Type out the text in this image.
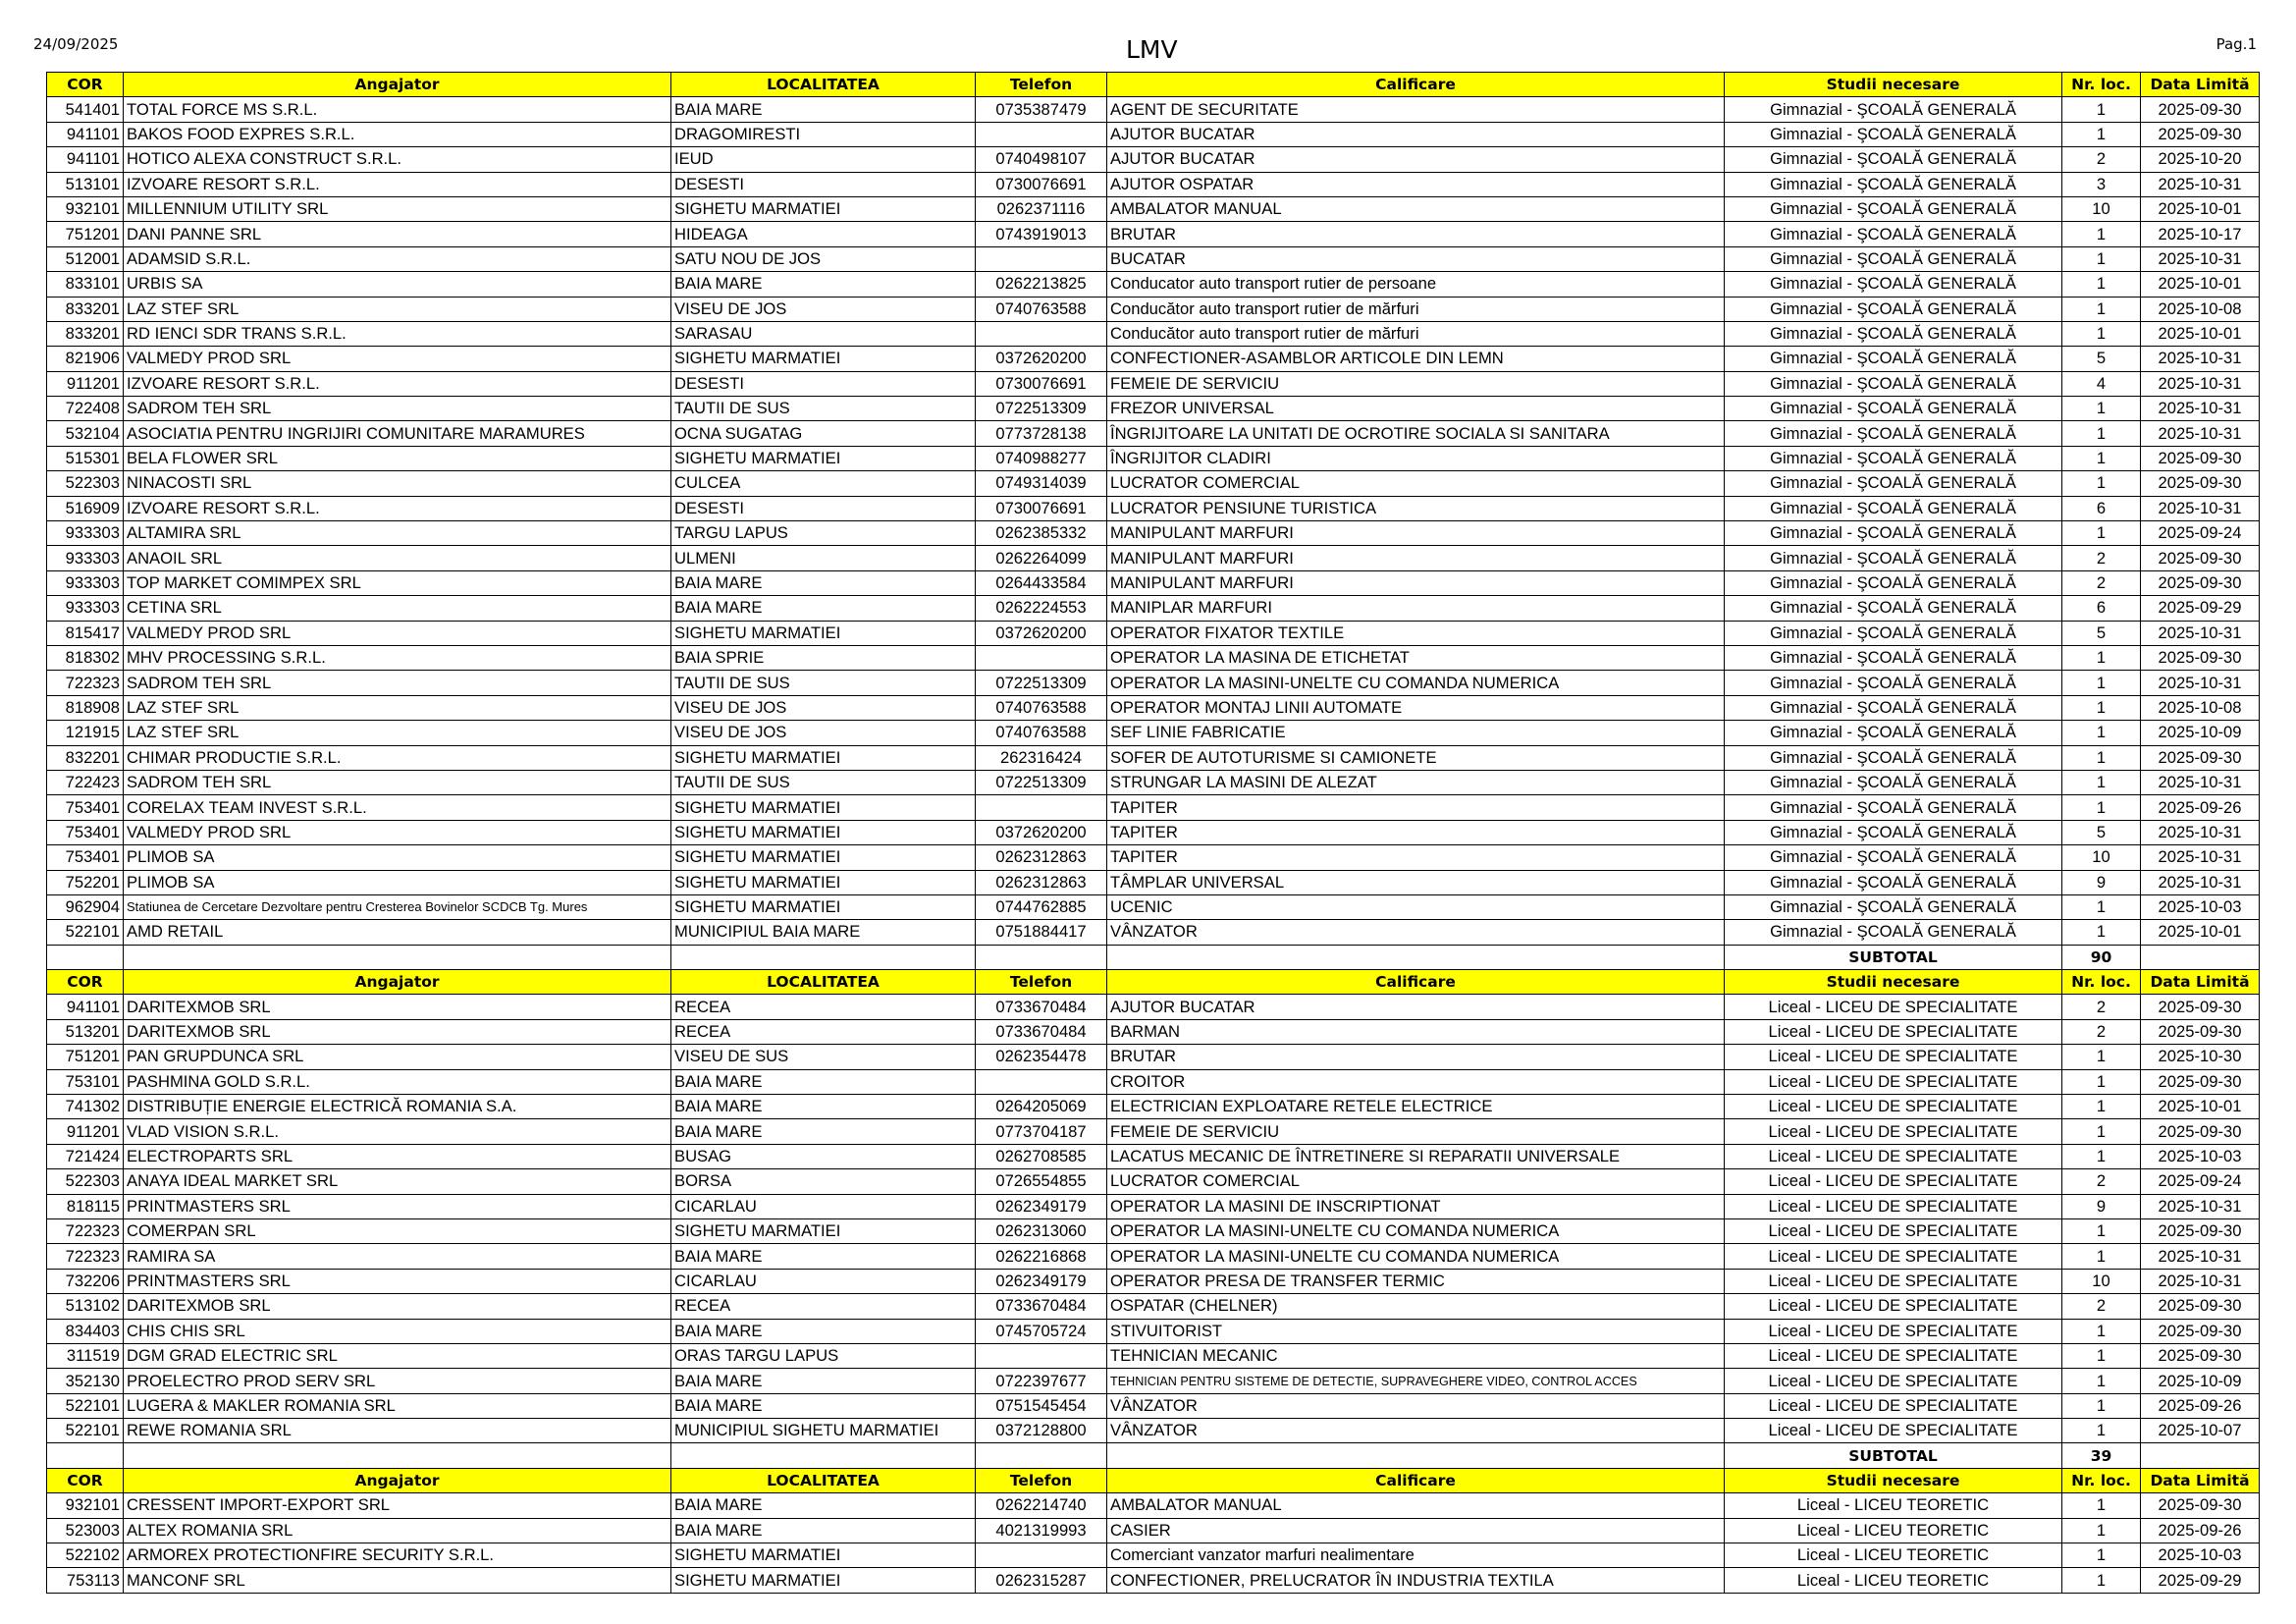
24/09/2025	LMV	Pag.1
COR	Angajator	LOCALITATEA	Telefon	Calificare	Studii necesare	Nr. loc.	Data Limită
541401	TOTAL FORCE MS S.R.L.	BAIA MARE	0735387479	AGENT DE SECURITATE	Gimnazial - ŞCOALĂ GENERALĂ	1	2025-09-30
941101	BAKOS FOOD EXPRES S.R.L.	DRAGOMIRESTI		AJUTOR BUCATAR	Gimnazial - ŞCOALĂ GENERALĂ	1	2025-09-30
941101	HOTICO ALEXA CONSTRUCT S.R.L.	IEUD	0740498107	AJUTOR BUCATAR	Gimnazial - ŞCOALĂ GENERALĂ	2	2025-10-20
513101	IZVOARE RESORT S.R.L.	DESESTI	0730076691	AJUTOR OSPATAR	Gimnazial - ŞCOALĂ GENERALĂ	3	2025-10-31
932101	MILLENNIUM UTILITY SRL	SIGHETU MARMATIEI	0262371116	AMBALATOR MANUAL	Gimnazial - ŞCOALĂ GENERALĂ	10	2025-10-01
751201	DANI PANNE SRL	HIDEAGA	0743919013	BRUTAR	Gimnazial - ŞCOALĂ GENERALĂ	1	2025-10-17
512001	ADAMSID S.R.L.	SATU NOU DE JOS		BUCATAR	Gimnazial - ŞCOALĂ GENERALĂ	1	2025-10-31
833101	URBIS SA	BAIA MARE	0262213825	Conducator auto transport rutier de persoane	Gimnazial - ŞCOALĂ GENERALĂ	1	2025-10-01
833201	LAZ STEF SRL	VISEU DE JOS	0740763588	Conducător auto transport rutier de mărfuri	Gimnazial - ŞCOALĂ GENERALĂ	1	2025-10-08
833201	RD IENCI SDR TRANS S.R.L.	SARASAU		Conducător auto transport rutier de mărfuri	Gimnazial - ŞCOALĂ GENERALĂ	1	2025-10-01
821906	VALMEDY PROD SRL	SIGHETU MARMATIEI	0372620200	CONFECTIONER-ASAMBLOR ARTICOLE DIN LEMN	Gimnazial - ŞCOALĂ GENERALĂ	5	2025-10-31
911201	IZVOARE RESORT S.R.L.	DESESTI	0730076691	FEMEIE DE SERVICIU	Gimnazial - ŞCOALĂ GENERALĂ	4	2025-10-31
722408	SADROM TEH SRL	TAUTII DE SUS	0722513309	FREZOR UNIVERSAL	Gimnazial - ŞCOALĂ GENERALĂ	1	2025-10-31
532104	ASOCIATIA PENTRU INGRIJIRI COMUNITARE MARAMURES	OCNA SUGATAG	0773728138	ÎNGRIJITOARE LA UNITATI DE OCROTIRE SOCIALA SI SANITARA	Gimnazial - ŞCOALĂ GENERALĂ	1	2025-10-31
515301	BELA FLOWER SRL	SIGHETU MARMATIEI	0740988277	ÎNGRIJITOR CLADIRI	Gimnazial - ŞCOALĂ GENERALĂ	1	2025-09-30
522303	NINACOSTI SRL	CULCEA	0749314039	LUCRATOR COMERCIAL	Gimnazial - ŞCOALĂ GENERALĂ	1	2025-09-30
516909	IZVOARE RESORT S.R.L.	DESESTI	0730076691	LUCRATOR PENSIUNE TURISTICA	Gimnazial - ŞCOALĂ GENERALĂ	6	2025-10-31
933303	ALTAMIRA SRL	TARGU LAPUS	0262385332	MANIPULANT MARFURI	Gimnazial - ŞCOALĂ GENERALĂ	1	2025-09-24
933303	ANAOIL SRL	ULMENI	0262264099	MANIPULANT MARFURI	Gimnazial - ŞCOALĂ GENERALĂ	2	2025-09-30
933303	TOP MARKET COMIMPEX SRL	BAIA MARE	0264433584	MANIPULANT MARFURI	Gimnazial - ŞCOALĂ GENERALĂ	2	2025-09-30
933303	CETINA SRL	BAIA MARE	0262224553	MANIPLAR MARFURI	Gimnazial - ŞCOALĂ GENERALĂ	6	2025-09-29
815417	VALMEDY PROD SRL	SIGHETU MARMATIEI	0372620200	OPERATOR FIXATOR TEXTILE	Gimnazial - ŞCOALĂ GENERALĂ	5	2025-10-31
818302	MHV PROCESSING S.R.L.	BAIA SPRIE		OPERATOR LA MASINA DE ETICHETAT	Gimnazial - ŞCOALĂ GENERALĂ	1	2025-09-30
722323	SADROM TEH SRL	TAUTII DE SUS	0722513309	OPERATOR LA MASINI-UNELTE CU COMANDA NUMERICA	Gimnazial - ŞCOALĂ GENERALĂ	1	2025-10-31
818908	LAZ STEF SRL	VISEU DE JOS	0740763588	OPERATOR MONTAJ LINII AUTOMATE	Gimnazial - ŞCOALĂ GENERALĂ	1	2025-10-08
121915	LAZ STEF SRL	VISEU DE JOS	0740763588	SEF LINIE FABRICATIE	Gimnazial - ŞCOALĂ GENERALĂ	1	2025-10-09
832201	CHIMAR PRODUCTIE S.R.L.	SIGHETU MARMATIEI	262316424	SOFER DE AUTOTURISME SI CAMIONETE	Gimnazial - ŞCOALĂ GENERALĂ	1	2025-09-30
722423	SADROM TEH SRL	TAUTII DE SUS	0722513309	STRUNGAR LA MASINI DE ALEZAT	Gimnazial - ŞCOALĂ GENERALĂ	1	2025-10-31
753401	CORELAX TEAM INVEST S.R.L.	SIGHETU MARMATIEI		TAPITER	Gimnazial - ŞCOALĂ GENERALĂ	1	2025-09-26
753401	VALMEDY PROD SRL	SIGHETU MARMATIEI	0372620200	TAPITER	Gimnazial - ŞCOALĂ GENERALĂ	5	2025-10-31
753401	PLIMOB SA	SIGHETU MARMATIEI	0262312863	TAPITER	Gimnazial - ŞCOALĂ GENERALĂ	10	2025-10-31
752201	PLIMOB SA	SIGHETU MARMATIEI	0262312863	TÂMPLAR UNIVERSAL	Gimnazial - ŞCOALĂ GENERALĂ	9	2025-10-31
962904	Statiunea de Cercetare Dezvoltare pentru Cresterea Bovinelor SCDCB Tg. Mures	SIGHETU MARMATIEI	0744762885	UCENIC	Gimnazial - ŞCOALĂ GENERALĂ	1	2025-10-03
522101	AMD RETAIL	MUNICIPIUL BAIA MARE	0751884417	VÂNZATOR	Gimnazial - ŞCOALĂ GENERALĂ	1	2025-10-01
					SUBTOTAL	90	
COR	Angajator	LOCALITATEA	Telefon	Calificare	Studii necesare	Nr. loc.	Data Limită
941101	DARITEXMOB SRL	RECEA	0733670484	AJUTOR BUCATAR	Liceal - LICEU DE SPECIALITATE	2	2025-09-30
513201	DARITEXMOB SRL	RECEA	0733670484	BARMAN	Liceal - LICEU DE SPECIALITATE	2	2025-09-30
751201	PAN GRUPDUNCA SRL	VISEU DE SUS	0262354478	BRUTAR	Liceal - LICEU DE SPECIALITATE	1	2025-10-30
753101	PASHMINA GOLD S.R.L.	BAIA MARE		CROITOR	Liceal - LICEU DE SPECIALITATE	1	2025-09-30
741302	DISTRIBUȚIE ENERGIE ELECTRICĂ ROMANIA S.A.	BAIA MARE	0264205069	ELECTRICIAN EXPLOATARE RETELE ELECTRICE	Liceal - LICEU DE SPECIALITATE	1	2025-10-01
911201	VLAD VISION S.R.L.	BAIA MARE	0773704187	FEMEIE DE SERVICIU	Liceal - LICEU DE SPECIALITATE	1	2025-09-30
721424	ELECTROPARTS SRL	BUSAG	0262708585	LACATUS MECANIC DE ÎNTRETINERE SI REPARATII UNIVERSALE	Liceal - LICEU DE SPECIALITATE	1	2025-10-03
522303	ANAYA IDEAL MARKET SRL	BORSA	0726554855	LUCRATOR COMERCIAL	Liceal - LICEU DE SPECIALITATE	2	2025-09-24
818115	PRINTMASTERS SRL	CICARLAU	0262349179	OPERATOR LA MASINI DE INSCRIPTIONAT	Liceal - LICEU DE SPECIALITATE	9	2025-10-31
722323	COMERPAN SRL	SIGHETU MARMATIEI	0262313060	OPERATOR LA MASINI-UNELTE CU COMANDA NUMERICA	Liceal - LICEU DE SPECIALITATE	1	2025-09-30
722323	RAMIRA SA	BAIA MARE	0262216868	OPERATOR LA MASINI-UNELTE CU COMANDA NUMERICA	Liceal - LICEU DE SPECIALITATE	1	2025-10-31
732206	PRINTMASTERS SRL	CICARLAU	0262349179	OPERATOR PRESA DE TRANSFER TERMIC	Liceal - LICEU DE SPECIALITATE	10	2025-10-31
513102	DARITEXMOB SRL	RECEA	0733670484	OSPATAR (CHELNER)	Liceal - LICEU DE SPECIALITATE	2	2025-09-30
834403	CHIS CHIS SRL	BAIA MARE	0745705724	STIVUITORIST	Liceal - LICEU DE SPECIALITATE	1	2025-09-30
311519	DGM GRAD ELECTRIC SRL	ORAS TARGU LAPUS		TEHNICIAN MECANIC	Liceal - LICEU DE SPECIALITATE	1	2025-09-30
352130	PROELECTRO PROD SERV SRL	BAIA MARE	0722397677	TEHNICIAN PENTRU SISTEME DE DETECTIE, SUPRAVEGHERE VIDEO, CONTROL ACCES	Liceal - LICEU DE SPECIALITATE	1	2025-10-09
522101	LUGERA & MAKLER ROMANIA SRL	BAIA MARE	0751545454	VÂNZATOR	Liceal - LICEU DE SPECIALITATE	1	2025-09-26
522101	REWE ROMANIA SRL	MUNICIPIUL SIGHETU MARMATIEI	0372128800	VÂNZATOR	Liceal - LICEU DE SPECIALITATE	1	2025-10-07
					SUBTOTAL	39	
COR	Angajator	LOCALITATEA	Telefon	Calificare	Studii necesare	Nr. loc.	Data Limită
932101	CRESSENT IMPORT-EXPORT SRL	BAIA MARE	0262214740	AMBALATOR MANUAL	Liceal - LICEU TEORETIC	1	2025-09-30
523003	ALTEX ROMANIA SRL	BAIA MARE	4021319993	CASIER	Liceal - LICEU TEORETIC	1	2025-09-26
522102	ARMOREX PROTECTIONFIRE SECURITY S.R.L.	SIGHETU MARMATIEI		Comerciant vanzator marfuri nealimentare	Liceal - LICEU TEORETIC	1	2025-10-03
753113	MANCONF SRL	SIGHETU MARMATIEI	0262315287	CONFECTIONER, PRELUCRATOR ÎN INDUSTRIA TEXTILA	Liceal - LICEU TEORETIC	1	2025-09-29
